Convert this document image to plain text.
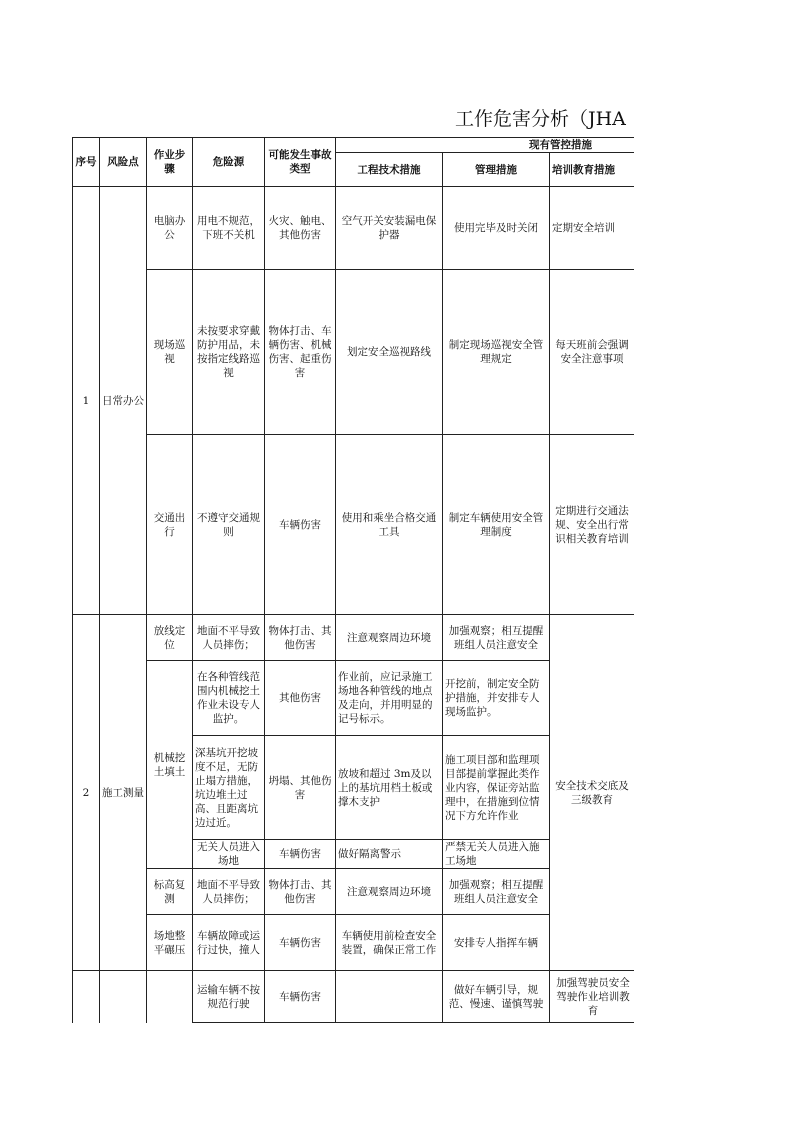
工作危害分析（JHA
序号	风险点	作业步骤	危险源	可能发生事故类型	现有管控措施		
					工程技术措施	管理措施	培训教育措施
1	日常办公	电脑办公	用电不规范，下班不关机	火灾、触电、其他伤害	空气开关安装漏电保护器	使用完毕及时关闭	定期安全培训
		现场巡视	未按要求穿戴防护用品，未按指定线路巡视	物体打击、车辆伤害、机械伤害、起重伤害	划定安全巡视路线	制定现场巡视安全管理规定	每天班前会强调安全注意事项
		交通出行	不遵守交通规则	车辆伤害	使用和乘坐合格交通工具	制定车辆使用安全管理制度	定期进行交通法规、安全出行常识相关教育培训
2	施工测量	放线定位	地面不平导致人员摔伤；	物体打击、其他伤害	注意观察周边环境	加强观察；相互提醒班组人员注意安全	安全技术交底及三级教育
		机械挖土填土	在各种管线范围内机械挖土作业未设专人监护。	其他伤害	作业前，应记录施工场地各种管线的地点及走向，并用明显的记号标示。	开挖前，制定安全防护措施，并安排专人现场监护。	
			深基坑开挖坡度不足，无防止塌方措施，坑边堆土过高、且距离坑边过近。	坍塌、其他伤害	放坡和超过 3m及以上的基坑用档土板或撑木支护	施工项目部和监理项目部提前掌握此类作业内容，保证旁站监理中，在措施到位情况下方允许作业	
			无关人员进入场地	车辆伤害	做好隔离警示	严禁无关人员进入施工场地	
		标高复测	地面不平导致人员摔伤；	物体打击、其他伤害	注意观察周边环境	加强观察；相互提醒班组人员注意安全	
		场地整平碾压	车辆故障或运行过快，撞人	车辆伤害	车辆使用前检查安全装置，确保正常工作	安排专人指挥车辆	
			运输车辆不按规范行驶	车辆伤害		做好车辆引导，规范、慢速、谨慎驾驶	加强驾驶员安全驾驶作业培训教育
